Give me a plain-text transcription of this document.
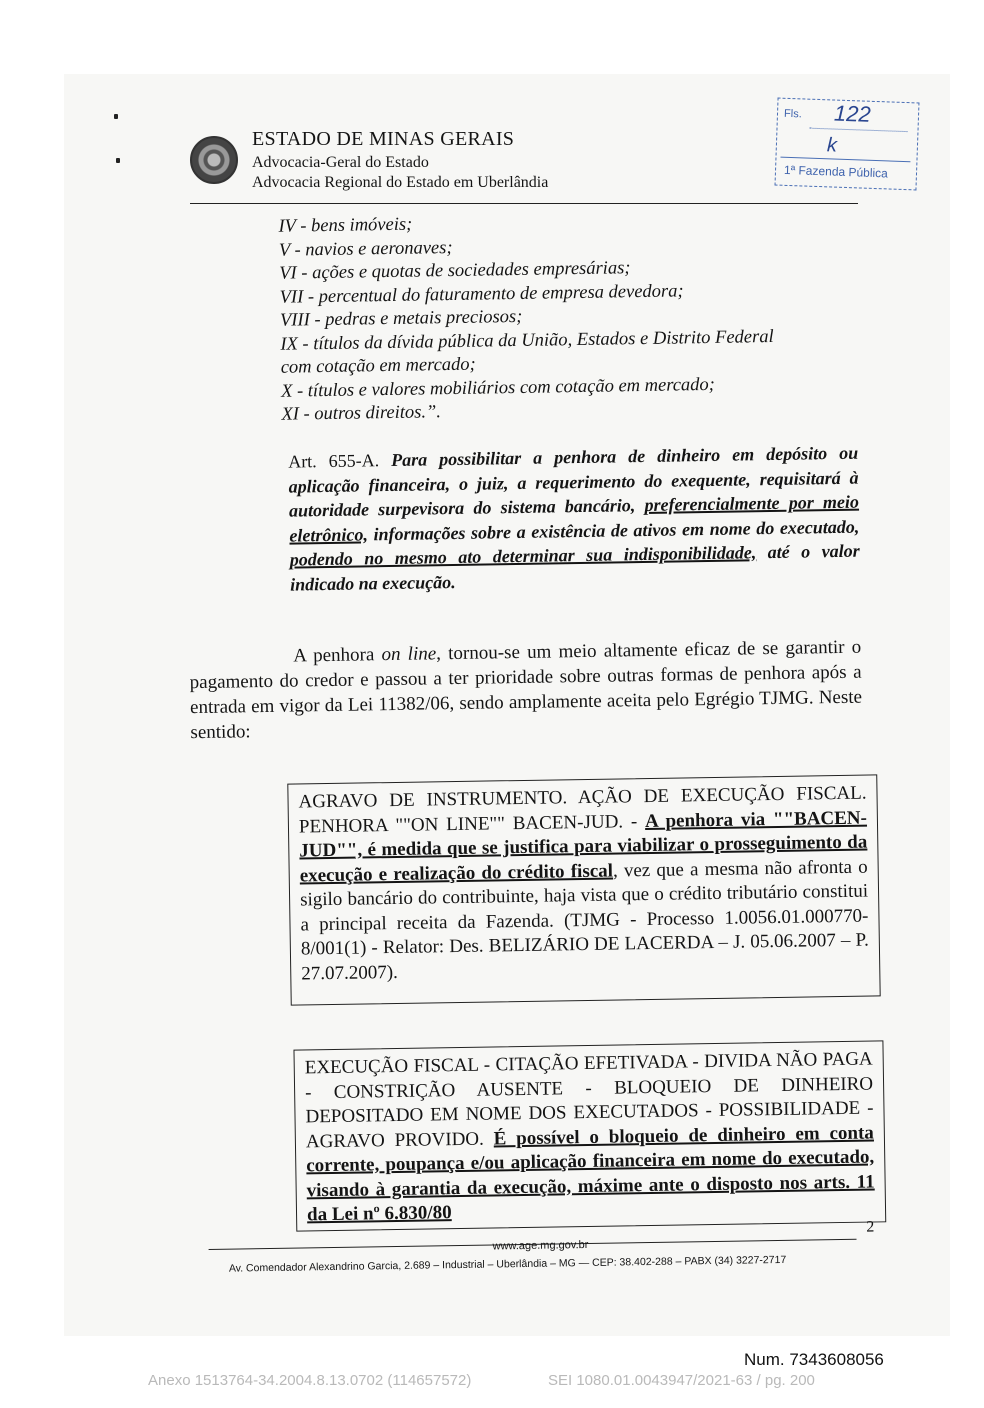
ESTADO DE MINAS GERAIS
Advocacia-Geral do Estado
Advocacia Regional do Estado em Uberlândia
Fls. 122
k
1ª Fazenda Pública
IV - bens imóveis;
V - navios e aeronaves;
VI - ações e quotas de sociedades empresárias;
VII - percentual do faturamento de empresa devedora;
VIII - pedras e metais preciosos;
IX - títulos da dívida pública da União, Estados e Distrito Federal
com cotação em mercado;
X - títulos e valores mobiliários com cotação em mercado;
XI - outros direitos.”.
Art. 655-A. Para possibilitar a penhora de dinheiro em depósito ou aplicação financeira, o juiz, a requerimento do exequente, requisitará à autoridade surpevisora do sistema bancário, preferencialmente por meio eletrônico, informações sobre a existência de ativos em nome do executado, podendo no mesmo ato determinar sua indisponibilidade, até o valor indicado na execução.
A penhora on line, tornou-se um meio altamente eficaz de se garantir o pagamento do credor e passou a ter prioridade sobre outras formas de penhora após a entrada em vigor da Lei 11382/06, sendo amplamente aceita pelo Egrégio TJMG. Neste sentido:
AGRAVO DE INSTRUMENTO. AÇÃO DE EXECUÇÃO FISCAL. PENHORA ""ON LINE"" BACEN-JUD. - A penhora via ""BACEN-JUD"", é medida que se justifica para viabilizar o prosseguimento da execução e realização do crédito fiscal, vez que a mesma não afronta o sigilo bancário do contribuinte, haja vista que o crédito tributário constitui a principal receita da Fazenda. (TJMG - Processo 1.0056.01.000770-8/001(1) - Relator: Des. BELIZÁRIO DE LACERDA – J. 05.06.2007 – P. 27.07.2007).
EXECUÇÃO FISCAL - CITAÇÃO EFETIVADA - DIVIDA NÃO PAGA - CONSTRIÇÃO AUSENTE - BLOQUEIO DE DINHEIRO DEPOSITADO EM NOME DOS EXECUTADOS - POSSIBILIDADE - AGRAVO PROVIDO. É possível o bloqueio de dinheiro em conta corrente, poupança e/ou aplicação financeira em nome do executado, visando à garantia da execução, máxime ante o disposto nos arts. 11 da Lei nº 6.830/80
2
www.age.mg.gov.br
Av. Comendador Alexandrino Garcia, 2.689 – Industrial – Uberlândia – MG — CEP: 38.402-288 – PABX (34) 3227-2717
Num. 7343608056
Anexo 1513764-34.2004.8.13.0702 (114657572)	SEI 1080.01.0043947/2021-63 / pg. 200
